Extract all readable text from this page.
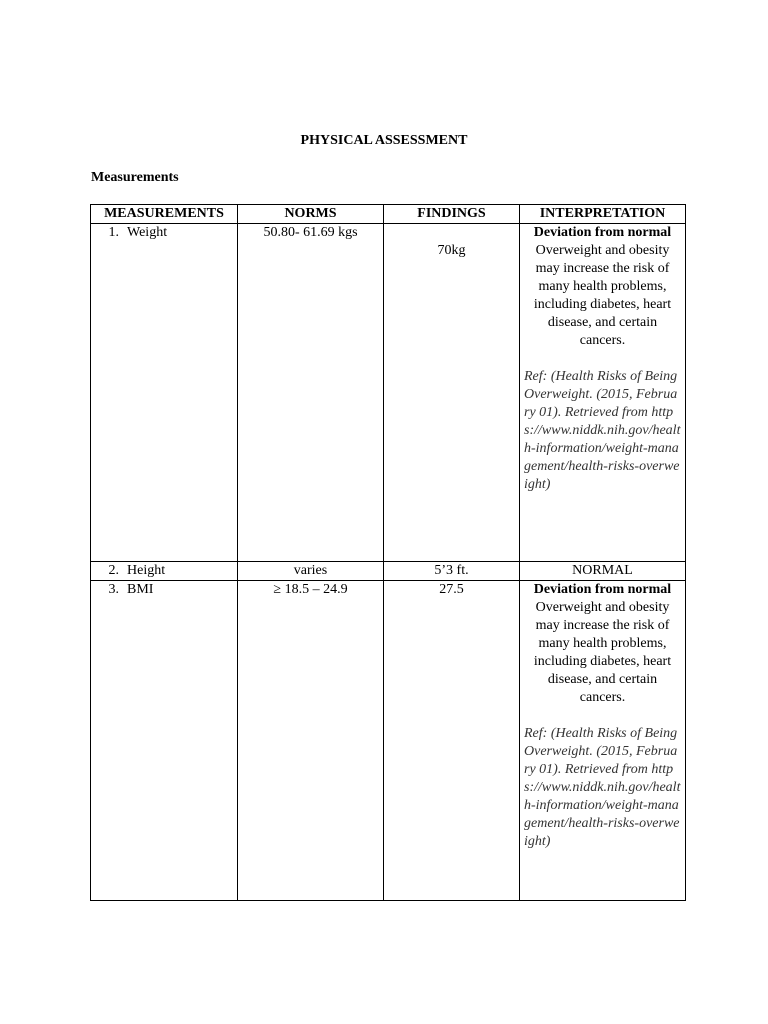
PHYSICAL ASSESSMENT
Measurements
MEASUREMENTS	NORMS	FINDINGS	INTERPRETATION
1. Weight	50.80- 61.69 kgs	70kg	Deviation from normal
Overweight and obesity may increase the risk of many health problems, including diabetes, heart disease, and certain cancers.
Ref: (Health Risks of Being Overweight. (2015, February 01). Retrieved from https://www.niddk.nih.gov/health-information/weight-management/health-risks-overweight)

2. Height	varies	5’3 ft.	NORMAL
3. BMI	≥ 18.5 – 24.9	27.5	Deviation from normal
Overweight and obesity may increase the risk of many health problems, including diabetes, heart disease, and certain cancers.
Ref: (Health Risks of Being Overweight. (2015, February 01). Retrieved from https://www.niddk.nih.gov/health-information/weight-management/health-risks-overweight)
